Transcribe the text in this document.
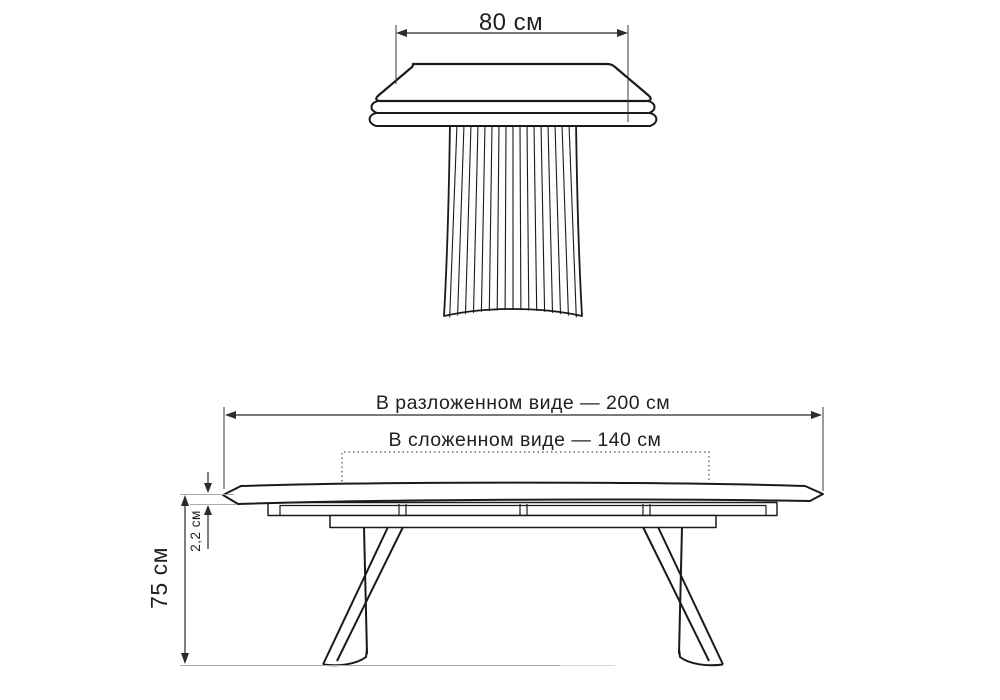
80 см
В разложенном виде — 200 см
В сложенном виде — 140 см
75 см
2,2 см
